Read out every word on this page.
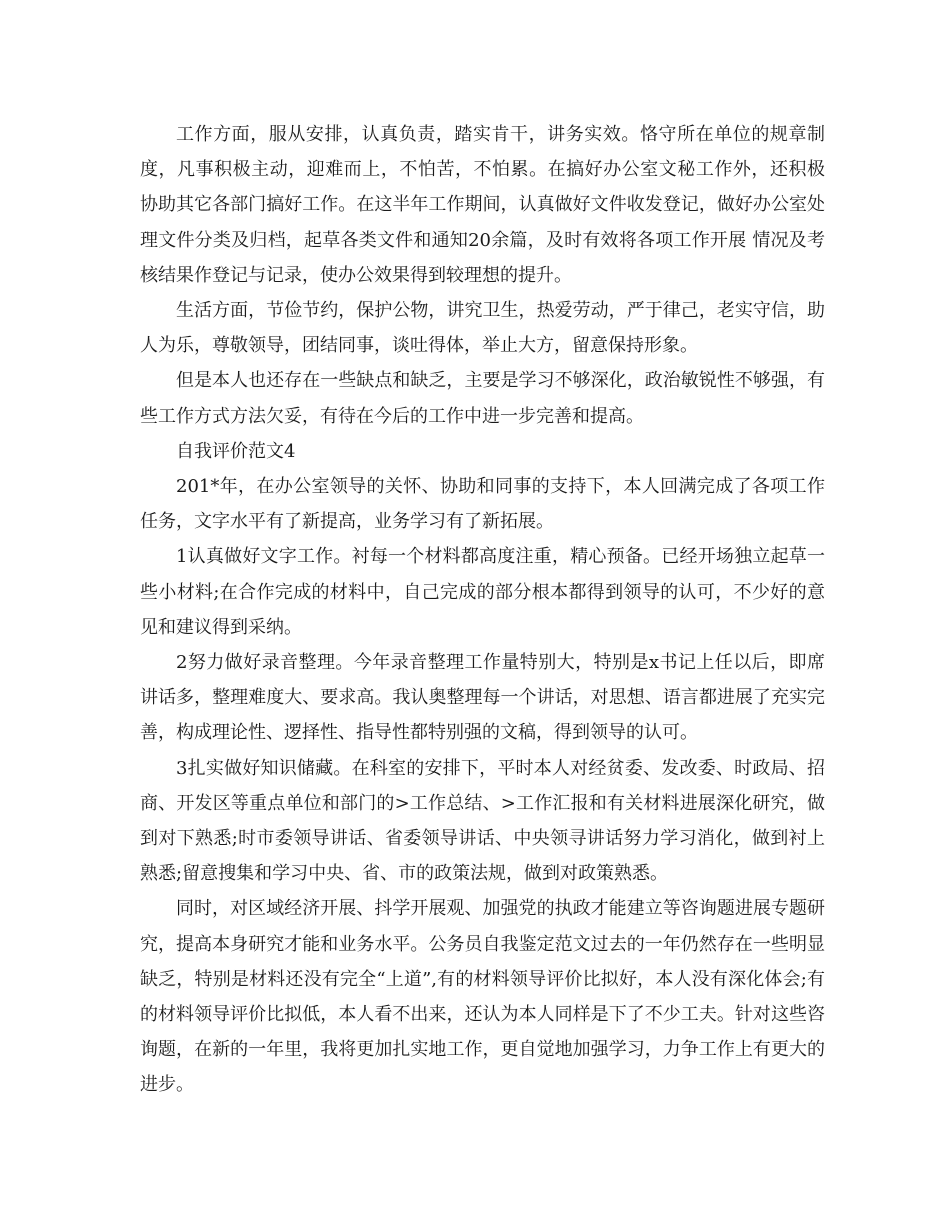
工作方面，服从安排，认真负责，踏实肯干，讲务实效。恪守所在单位的规章制度，凡事积极主动，迎难而上，不怕苦，不怕累。在搞好办公室文秘工作外，还积极 协助其它各部门搞好工作。在这半年工作期间，认真做好文件收发登记，做好办公室处理文件分类及归档，起草各类文件和通知20余篇，及时有效将各项工作开展 情况及考核结果作登记与记录，使办公效果得到较理想的提升。

生活方面，节俭节约，保护公物，讲究卫生，热爱劳动，严于律己，老实守信，助人为乐，尊敬领导，团结同事，谈吐得体，举止大方，留意保持形象。

但是本人也还存在一些缺点和缺乏，主要是学习不够深化，政治敏锐性不够强，有些工作方式方法欠妥，有待在今后的工作中进一步完善和提高。

自我评价范文4

201*年，在办公室领导的关怀、协助和同事的支持下，本人回满完成了各项工作任务，文字水平有了新提高，业务学习有了新拓展。

1认真做好文字工作。衬每一个材料都高度注重，精心预备。已经开场独立起草一些小材料;在合作完成的材料中，自己完成的部分根本都得到领导的认可，不少好的意见和建议得到采纳。

2努力做好录音整理。今年录音整理工作量特别大，特别是x书记上任以后，即席讲话多，整理难度大、要求高。我认奥整理每一个讲话，对思想、语言都进展了充实完善，构成理论性、逻择性、指导性都特别强的文稿，得到领导的认可。

3扎实做好知识储藏。在科室的安排下，平时本人对经贫委、发改委、时政局、招商、开发区等重点单位和部门的>工作总结、>工作汇报和有关材料进展深化研究，做到对下熟悉;时市委领导讲话、省委领导讲话、中央领寻讲话努力学习消化，做到衬上熟悉;留意搜集和学习中央、省、市的政策法规，做到对政策熟悉。

同时，对区域经济开展、抖学开展观、加强党的执政才能建立等咨询题进展专题研究，提高本身研究才能和业务水平。公务员自我鉴定范文过去的一年仍然存在一些明显缺乏，特别是材料还没有完全“上道”,有的材料领导评价比拟好，本人没有深化体会;有的材料领导评价比拟低，本人看不出来，还认为本人同样是下了不少工夫。针对这些咨询题，在新的一年里，我将更加扎实地工作，更自觉地加强学习，力争工作上有更大的进步。
